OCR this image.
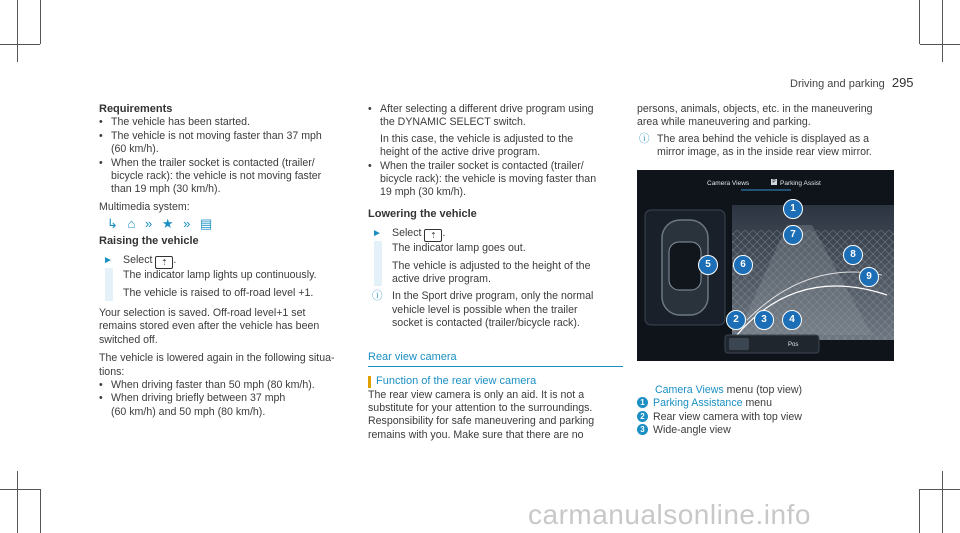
Driving and parking 295
Requirements
• The vehicle has been started.
• The vehicle is not moving faster than 37 mph
(60 km/h).
• When the trailer socket is contacted (trailer/
bicycle rack): the vehicle is not moving faster
than 19 mph (30 km/h).
Multimedia system:
↳ ⌂ » ★ » ▤
Raising the vehicle
► Select ⇡ .
The indicator lamp lights up continuously.
The vehicle is raised to off-road level +1.
Your selection is saved. Off-road level+1 set
remains stored even after the vehicle has been
switched off.
The vehicle is lowered again in the following situa-
tions:
• When driving faster than 50 mph (80 km/h).
• When driving briefly between 37 mph
(60 km/h) and 50 mph (80 km/h).
• After selecting a different drive program using
the DYNAMIC SELECT switch.
In this case, the vehicle is adjusted to the
height of the active drive program.
• When the trailer socket is contacted (trailer/
bicycle rack): the vehicle is moving faster than
19 mph (30 km/h).
Lowering the vehicle
► Select ⇡ .
The indicator lamp goes out.
The vehicle is adjusted to the height of the
active drive program.
ⓘ In the Sport drive program, only the normal
vehicle level is possible when the trailer
socket is contacted (trailer/bicycle rack).
Rear view camera
Function of the rear view camera
The rear view camera is only an aid. It is not a
substitute for your attention to the surroundings.
Responsibility for safe maneuvering and parking
remains with you. Make sure that there are no
persons, animals, objects, etc. in the maneuvering
area while maneuvering and parking.
ⓘ The area behind the vehicle is displayed as a
mirror image, as in the inside rear view mirror.
Camera Views	P Parking Assist
Pos
1
2	3	4
5	6
7
8
9
Camera Views menu (top view)
1 Parking Assistance menu
2 Rear view camera with top view
3 Wide-angle view
carmanualsonline.info
